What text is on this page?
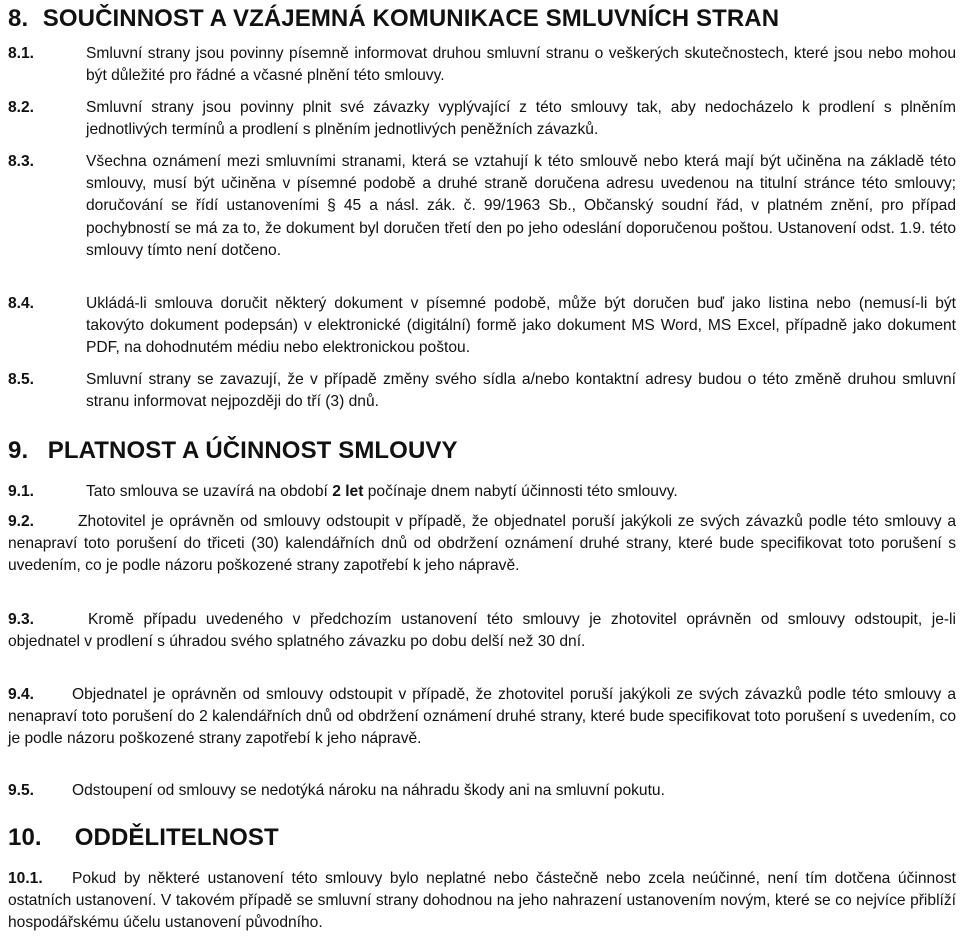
8. SOUČINNOST A VZÁJEMNÁ KOMUNIKACE SMLUVNÍCH STRAN
8.1.	Smluvní strany jsou povinny písemně informovat druhou smluvní stranu o veškerých skutečnostech, které jsou nebo mohou být důležité pro řádné a včasné plnění této smlouvy.
8.2.	Smluvní strany jsou povinny plnit své závazky vyplývající z této smlouvy tak, aby nedocházelo k prodlení s plněním jednotlivých termínů a prodlení s plněním jednotlivých peněžních závazků.
8.3.	Všechna oznámení mezi smluvními stranami, která se vztahují k této smlouvě nebo která mají být učiněna na základě této smlouvy, musí být učiněna v písemné podobě a druhé straně doručena adresu uvedenou na titulní stránce této smlouvy; doručování se řídí ustanoveními § 45 a násl. zák. č. 99/1963 Sb., Občanský soudní řád, v platném znění, pro případ pochybností se má za to, že dokument byl doručen třetí den po jeho odeslání doporučenou poštou. Ustanovení odst. 1.9. této smlouvy tímto není dotčeno.
8.4.	Ukládá-li smlouva doručit některý dokument v písemné podobě, může být doručen buď jako listina nebo (nemusí-li být takovýto dokument podepsán) v elektronické (digitální) formě jako dokument MS Word, MS Excel, případně jako dokument PDF, na dohodnutém médiu nebo elektronickou poštou.
8.5.	Smluvní strany se zavazují, že v případě změny svého sídla a/nebo kontaktní adresy budou o této změně druhou smluvní stranu informovat nejpozději do tří (3) dnů.
9. PLATNOST A ÚČINNOST SMLOUVY
9.1.	Tato smlouva se uzavírá na období 2 let počínaje dnem nabytí účinnosti této smlouvy.
9.2.	Zhotovitel je oprávněn od smlouvy odstoupit v případě, že objednatel poruší jakýkoli ze svých závazků podle této smlouvy a nenapraví toto porušení do třiceti (30) kalendářních dnů od obdržení oznámení druhé strany, které bude specifikovat toto porušení s uvedením, co je podle názoru poškozené strany zapotřebí k jeho nápravě.
9.3.	Kromě případu uvedeného v předchozím ustanovení této smlouvy je zhotovitel oprávněn od smlouvy odstoupit, je-li objednatel v prodlení s úhradou svého splatného závazku po dobu delší než 30 dní.
9.4. Objednatel je oprávněn od smlouvy odstoupit v případě, že zhotovitel poruší jakýkoli ze svých závazků podle této smlouvy a nenapraví toto porušení do 2 kalendářních dnů od obdržení oznámení druhé strany, které bude specifikovat toto porušení s uvedením, co je podle názoru poškozené strany zapotřebí k jeho nápravě.
9.5.	Odstoupení od smlouvy se nedotýká nároku na náhradu škody ani na smluvní pokutu.
10. ODDĚLITELNOST
10.1. Pokud by některé ustanovení této smlouvy bylo neplatné nebo částečně nebo zcela neúčinné, není tím dotčena účinnost ostatních ustanovení. V takovém případě se smluvní strany dohodnou na jeho nahrazení ustanovením novým, které se co nejvíce přiblíží hospodářskému účelu ustanovení původního.
